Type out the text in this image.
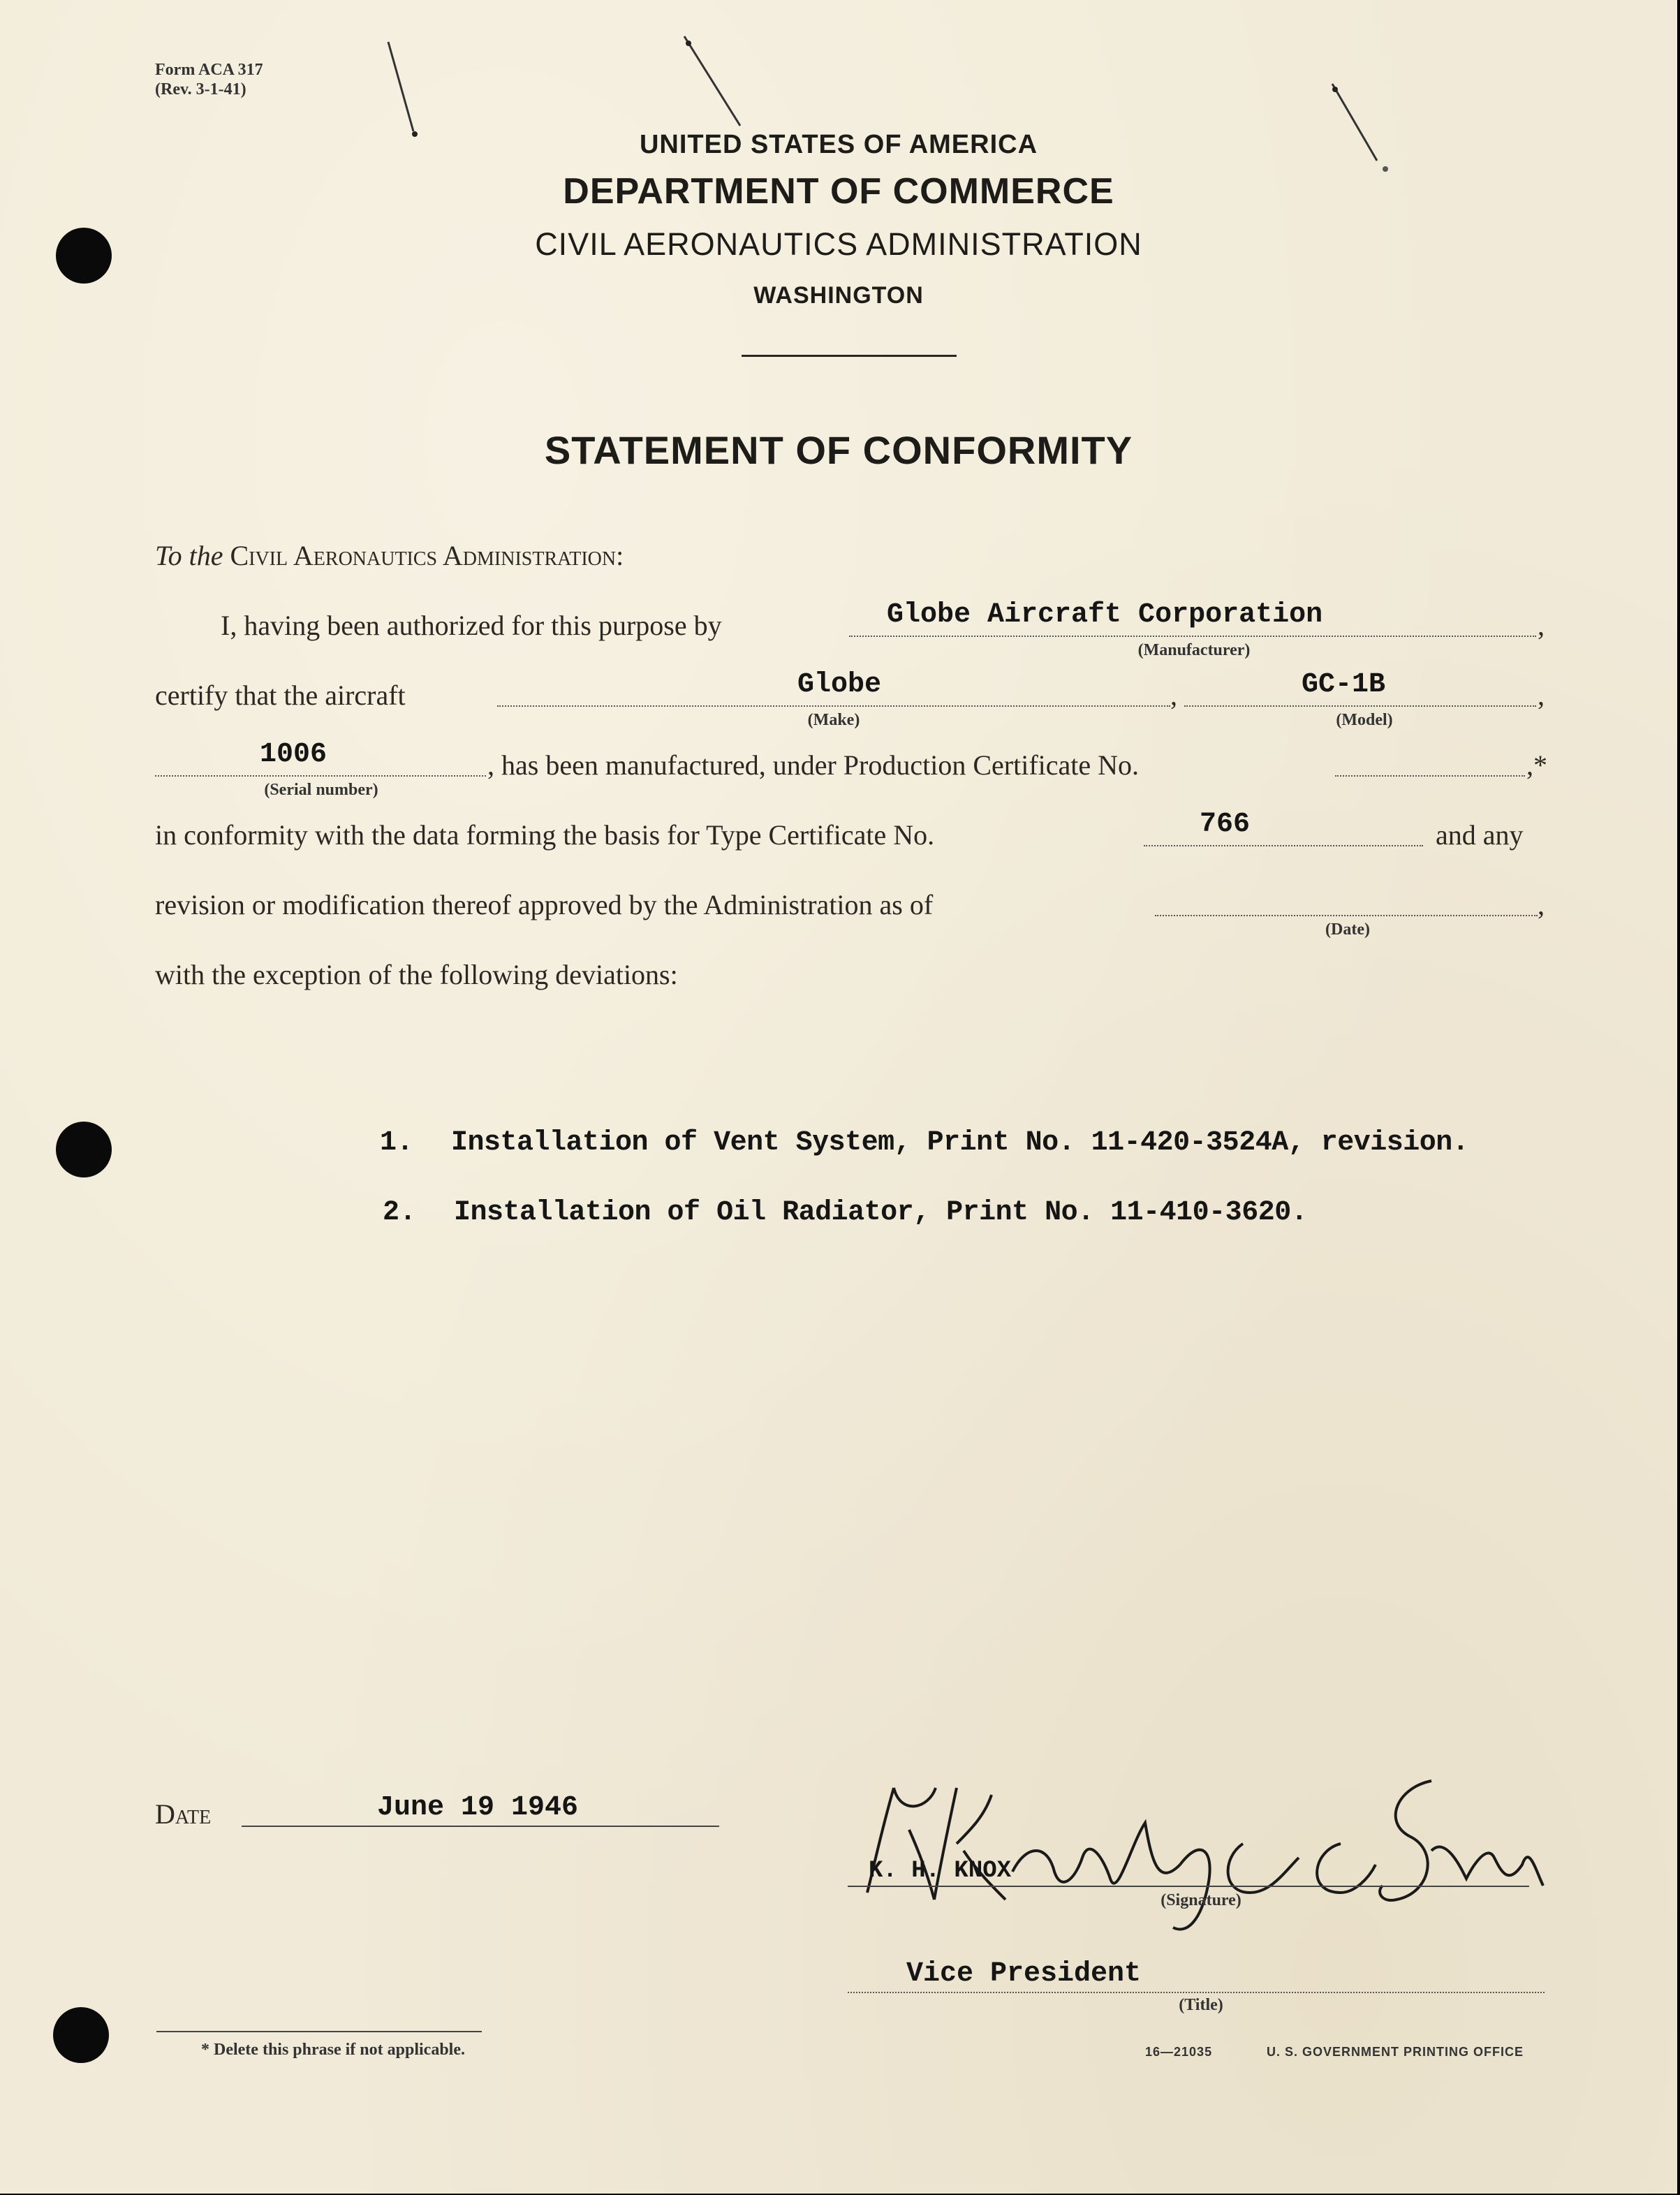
Form ACA 317
(Rev. 3-1-41)
UNITED STATES OF AMERICA
DEPARTMENT OF COMMERCE
CIVIL AERONAUTICS ADMINISTRATION
WASHINGTON
STATEMENT OF CONFORMITY
To the Civil Aeronautics Administration:
I, having been authorized for this purpose by	Globe Aircraft Corporation	,
(Manufacturer)
certify that the aircraft	Globe	,
(Make)
GC-1B	,
(Model)
1006
(Serial number)
, has been manufactured, under Production Certificate No.	,*
in conformity with the data forming the basis for Type Certificate No.	766	and any
revision or modification thereof approved by the Administration as of	,
(Date)
with the exception of the following deviations:
1. Installation of Vent System, Print No. 11-420-3524A, revision.
2. Installation of Oil Radiator, Print No. 11-410-3620.
Date	June 19 1946
K. H. KNOX
(Signature)
Vice President
(Title)
* Delete this phrase if not applicable.	16—21035	U. S. GOVERNMENT PRINTING OFFICE
